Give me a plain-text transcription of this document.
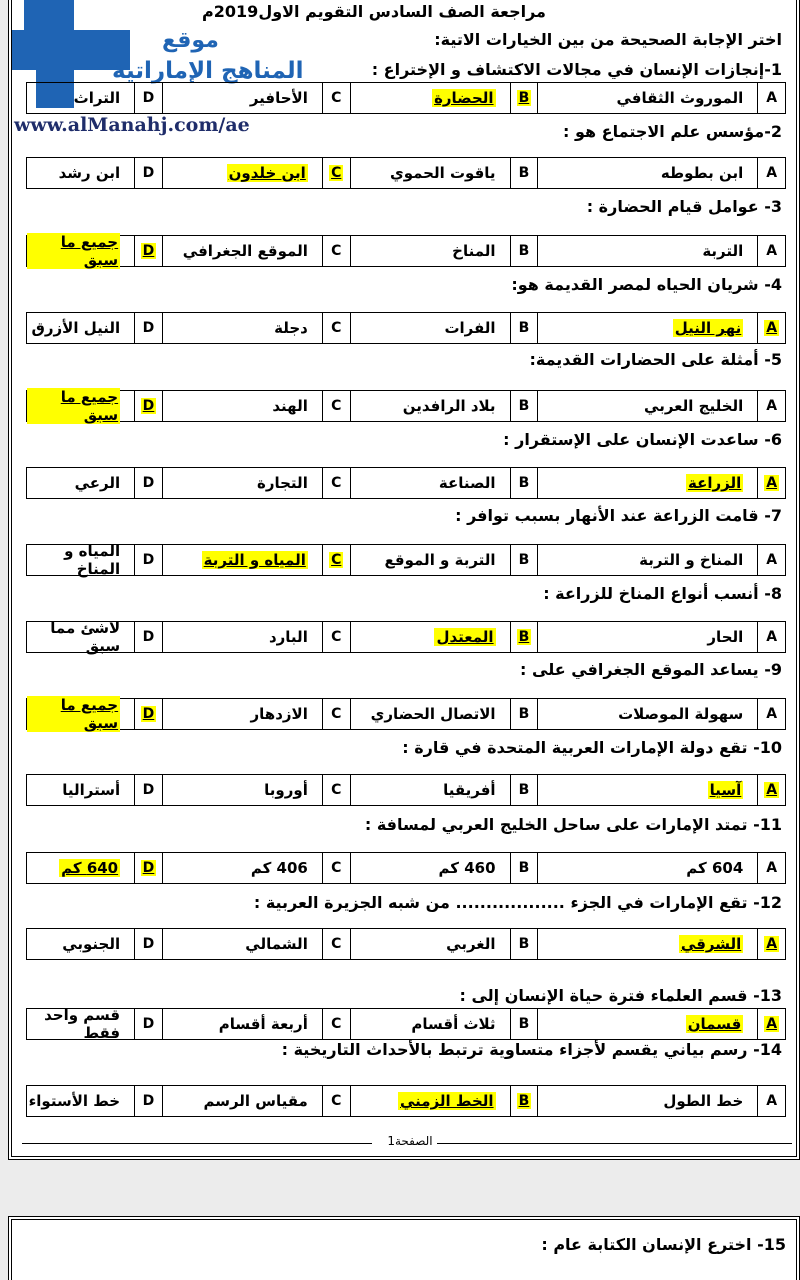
موقع
المناهج الإماراتية
www.alManahj.com/ae
مراجعة الصف السادس التقويم الاول2019م
اختر الإجابة الصحيحة من بين الخيارات الاتية:
1-إنجازات الإنسان في مجالات الاكتشاف و الإختراع :
A
الموروث الثقافي
B
الحضارة
C
الأحافير
D
التراث
2-مؤسس علم الاجتماع هو :
A
ابن بطوطه
B
ياقوت الحموي
C
ابن خلدون
D
ابن رشد
3- عوامل قيام الحضارة :
A
التربة
B
المناخ
C
الموقع الجغرافي
D
جميع ما سبق
4- شريان الحياه لمصر القديمة هو:
A
نهر النيل
B
الفرات
C
دجلة
D
النيل الأزرق
5- أمثلة على الحضارات القديمة:
A
الخليج العربي
B
بلاد الرافدين
C
الهند
D
جميع ما سبق
6- ساعدت الإنسان على الإستقرار :
A
الزراعة
B
الصناعة
C
التجارة
D
الرعي
7- قامت الزراعة عند الأنهار بسبب توافر :
A
المناخ و التربة
B
التربة و الموقع
C
المياه و التربة
D
المياه و المناخ
8- أنسب أنواع المناخ للزراعة :
A
الحار
B
المعتدل
C
البارد
D
لاشئ مما سبق
9- يساعد الموقع الجغرافي على :
A
سهولة الموصلات
B
الاتصال الحضاري
C
الازدهار
D
جميع ما سبق
10- تقع دولة الإمارات العربية المتحدة في قارة :
A
آسيا
B
أفريقيا
C
أوروبا
D
أستراليا
11- تمتد الإمارات على ساحل الخليج العربي لمسافة :
A
604 كم
B
460 كم
C
406 كم
D
640 كم
12- تقع الإمارات في الجزء .................. من شبه الجزيرة العربية :
A
الشرقي
B
الغربي
C
الشمالي
D
الجنوبي
13- قسم العلماء فترة حياة الإنسان إلى :
A
قسمان
B
ثلاث أقسام
C
أربعة أقسام
D
قسم واحد فقط
14- رسم بياني يقسم لأجزاء متساوية ترتبط بالأحداث التاريخية :
A
خط الطول
B
الخط الزمني
C
مقياس الرسم
D
خط الأستواء
الصفحة1
15- اخترع الإنسان الكتابة عام :
